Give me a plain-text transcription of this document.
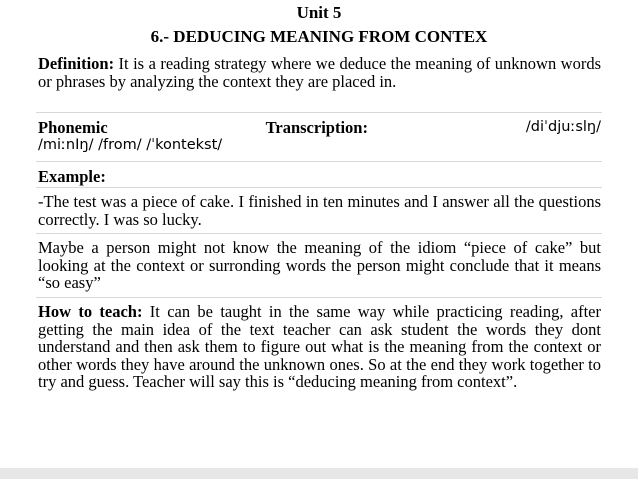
Unit 5
6.- DEDUCING MEANING FROM CONTEX

Definition: It is a reading strategy where we deduce the meaning of unknown words or phrases by analyzing the context they are placed in.

Phonemic	Transcription:	/diˈdjuːslŋ/
/miːnIŋ/ /from/ /ˈkontekst/

Example:

-The test was a piece of cake. I finished in ten minutes and I answer all the questions correctly. I was so lucky.

Maybe a person might not know the meaning of the idiom “piece of cake” but looking at the context or surronding words the person might conclude that it means “so easy”

How to teach: It can be taught in the same way while practicing reading, after getting the main idea of the text teacher can ask student the words they dont understand and then ask them to figure out what is the meaning from the context or other words they have around the unknown ones. So at the end they work together to try and guess. Teacher will say this is “deducing meaning from context”.
